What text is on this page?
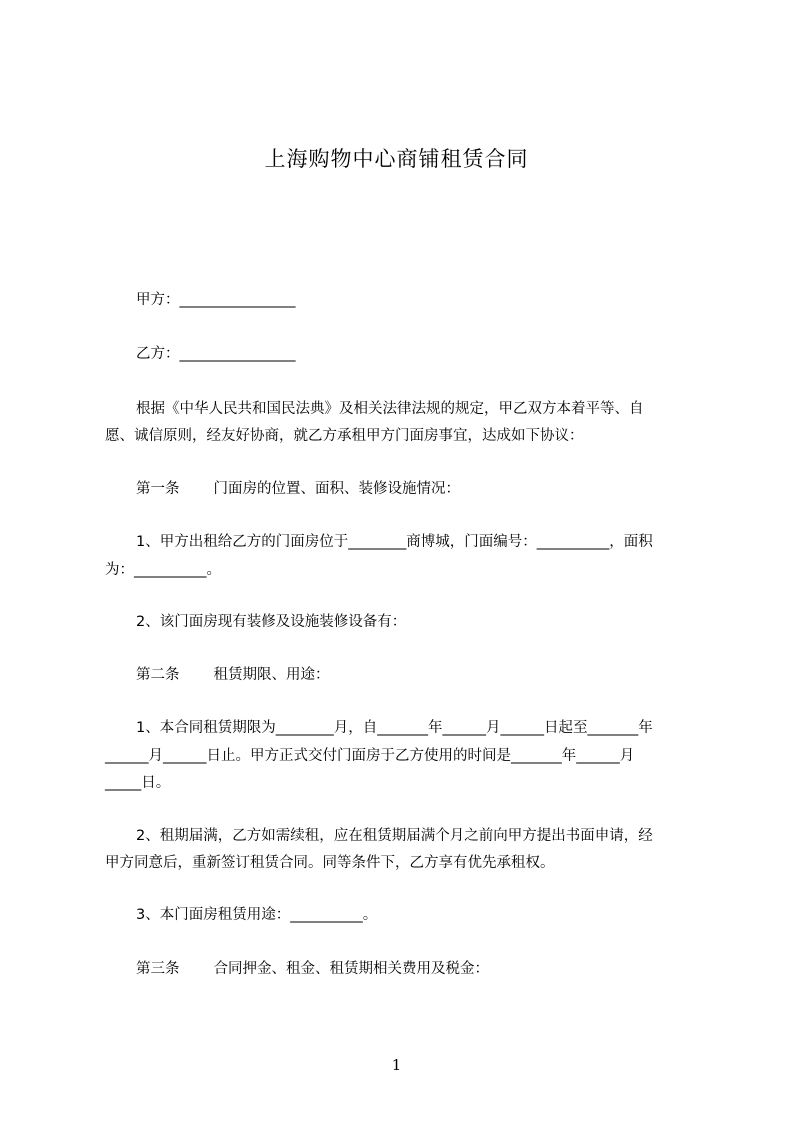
上海购物中心商铺租赁合同
甲方：________________
乙方：________________
根据《中华人民共和国民法典》及相关法律法规的规定，甲乙双方本着平等、自
愿、诚信原则，经友好协商，就乙方承租甲方门面房事宜，达成如下协议：
第一条 门面房的位置、面积、装修设施情况：
1、甲方出租给乙方的门面房位于________商博城，门面编号：__________，面积
为：__________。
2、该门面房现有装修及设施装修设备有：
第二条 租赁期限、用途：
1、本合同租赁期限为________月，自_______年______月______日起至_______年
______月______日止。甲方正式交付门面房于乙方使用的时间是_______年______月
_____日。
2、租期届满，乙方如需续租，应在租赁期届满个月之前向甲方提出书面申请，经
甲方同意后，重新签订租赁合同。同等条件下，乙方享有优先承租权。
3、本门面房租赁用途：__________。
第三条 合同押金、租金、租赁期相关费用及税金：
1
